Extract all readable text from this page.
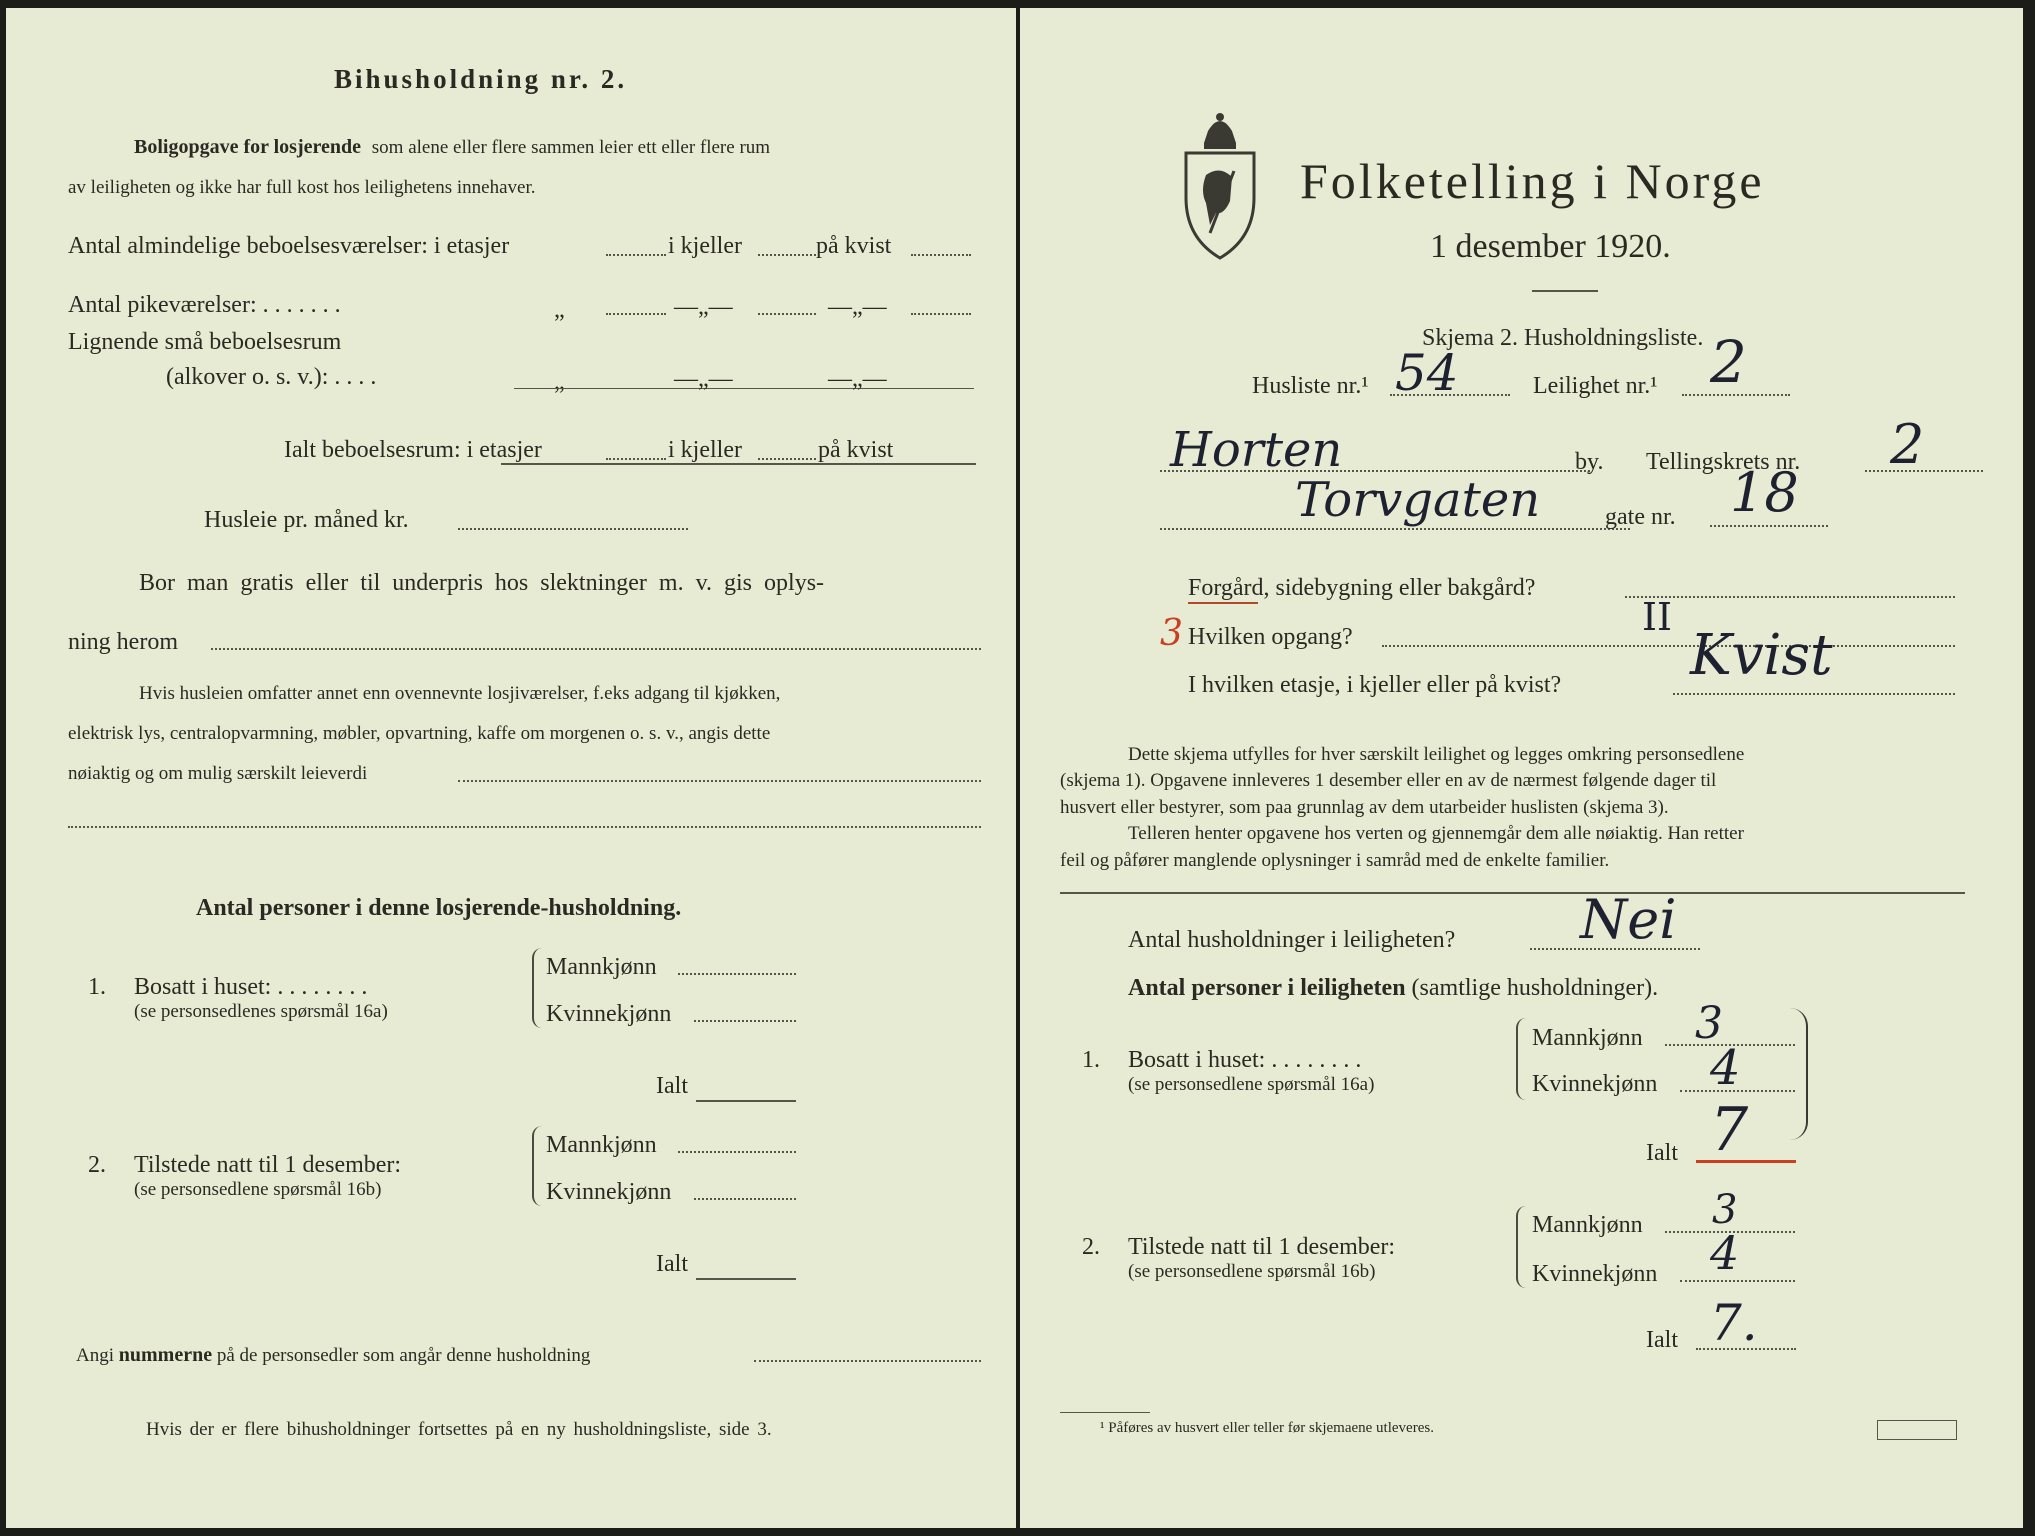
Bihusholdning nr. 2.
Boligopgave for losjerende som alene eller flere sammen leier ett eller flere rum
av leiligheten og ikke har full kost hos leilighetens innehaver.
Antal almindelige beboelsesværelser: i etasjer	i kjeller	på kvist
Antal pikeværelser: . . . . . . .	„	—„—	—„—
Lignende små beboelsesrum
(alkover o. s. v.): . . . .	„	—„—	—„—
Ialt beboelsesrum: i etasjer	i kjeller	på kvist
Husleie pr. måned kr.
Bor man gratis eller til underpris hos slektninger m. v. gis oplys-
ning herom
Hvis husleien omfatter annet enn ovennevnte losjiværelser, f.eks adgang til kjøkken,
elektrisk lys, centralopvarmning, møbler, opvartning, kaffe om morgenen o. s. v., angis dette
nøiaktig og om mulig særskilt leieverdi
Antal personer i denne losjerende-husholdning.
1. Bosatt i huset: . . . . . . . .
(se personsedlenes spørsmål 16a)
Mannkjønn
Kvinnekjønn
Ialt
2. Tilstede natt til 1 desember:
(se personsedlene spørsmål 16b)
Mannkjønn
Kvinnekjønn
Ialt
Angi nummerne på de personsedler som angår denne husholdning
Hvis der er flere bihusholdninger fortsettes på en ny husholdningsliste, side 3.
Folketelling i Norge
1 desember 1920.
Skjema 2. Husholdningsliste.
Husliste nr.¹ 54	Leilighet nr.¹ 2
Horten	by. Tellingskrets nr. 2
Torvgaten	gate nr. 18
Forgård, sidebygning eller bakgård?
3 Hvilken opgang?	II
I hvilken etasje, i kjeller eller på kvist? Kvist
Dette skjema utfylles for hver særskilt leilighet og legges omkring personsedlene
(skjema 1). Opgavene innleveres 1 desember eller en av de nærmest følgende dager til
husvert eller bestyrer, som paa grunnlag av dem utarbeider huslisten (skjema 3).
Telleren henter opgavene hos verten og gjennemgår dem alle nøiaktig. Han retter
feil og påfører manglende oplysninger i samråd med de enkelte familier.
Antal husholdninger i leiligheten? Nei
Antal personer i leiligheten (samtlige husholdninger).
1. Bosatt i huset: . . . . . . . .
(se personsedlene spørsmål 16a)
Mannkjønn 3
Kvinnekjønn 4
Ialt 7
2. Tilstede natt til 1 desember:
(se personsedlene spørsmål 16b)
Mannkjønn 3
Kvinnekjønn 4
Ialt 7.
¹ Påføres av husvert eller teller før skjemaene utleveres.
